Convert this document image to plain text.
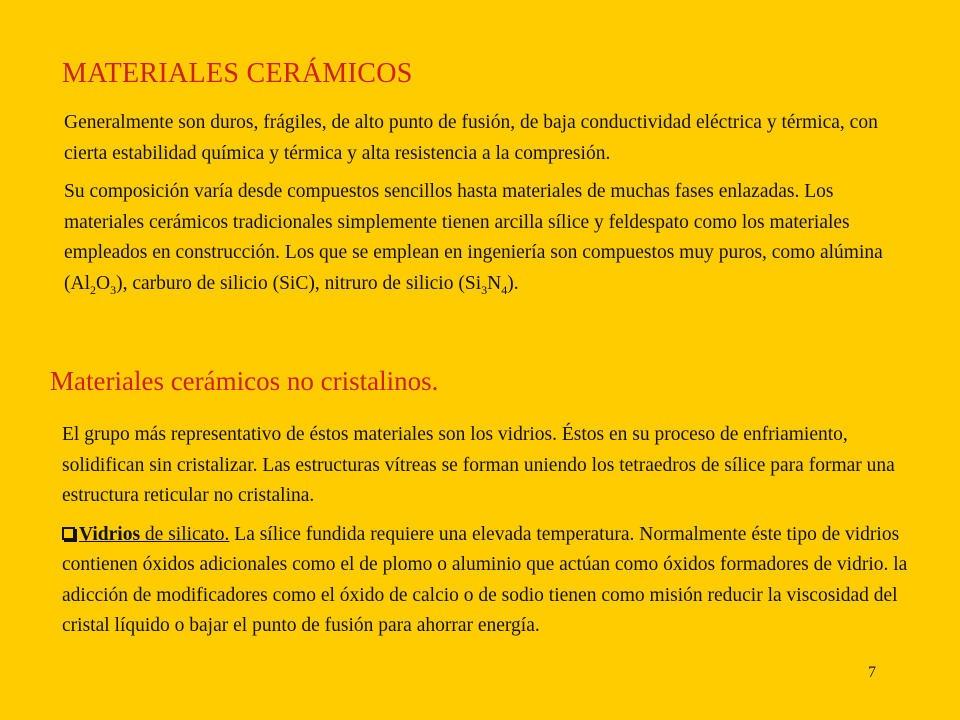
MATERIALES CERÁMICOS

Generalmente son duros, frágiles, de alto punto de fusión, de baja conductividad eléctrica y térmica, con cierta estabilidad química y térmica y alta resistencia a la compresión.

Su composición varía desde compuestos sencillos hasta materiales de muchas fases enlazadas. Los materiales cerámicos tradicionales simplemente tienen arcilla sílice y feldespato como los materiales empleados en construcción. Los que se emplean en ingeniería son compuestos muy puros, como alúmina $(Al_2O_3)$, carburo de silicio (SiC), nitruro de silicio $(Si_3N_4)$.

Materiales cerámicos no cristalinos.

El grupo más representativo de éstos materiales son los vidrios. Éstos en su proceso de enfriamiento, solidifican sin cristalizar. Las estructuras vítreas se forman uniendo los tetraedros de sílice para formar una estructura reticular no cristalina.

Vidrios de silicato. La sílice fundida requiere una elevada temperatura. Normalmente éste tipo de vidrios contienen óxidos adicionales como el de plomo o aluminio que actúan como óxidos formadores de vidrio. la adicción de modificadores como el óxido de calcio o de sodio tienen como misión reducir la viscosidad del cristal líquido o bajar el punto de fusión para ahorrar energía.

7
